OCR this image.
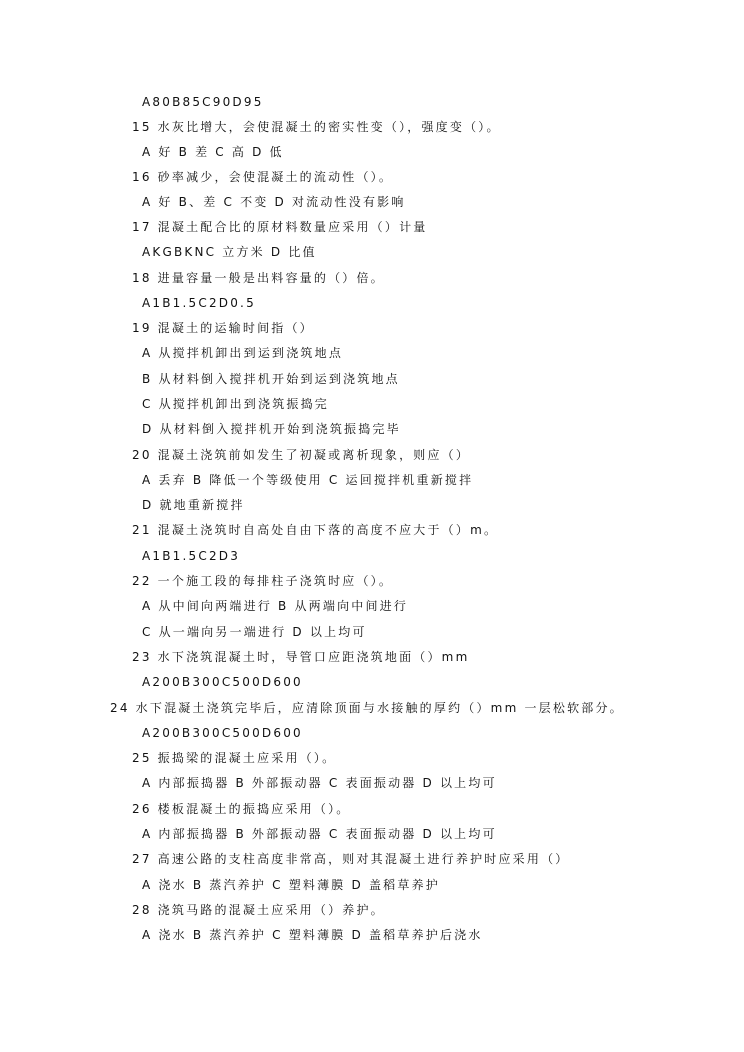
A80B85C90D95
15 水灰比增大，会使混凝土的密实性变（），强度变（）。
A 好 B 差 C 高 D 低
16 砂率减少，会使混凝土的流动性（）。
A 好 B、差 C 不变 D 对流动性没有影响
17 混凝土配合比的原材料数量应采用（）计量
AKGBKNC 立方米 D 比值
18 进量容量一般是出料容量的（）倍。
A1B1.5C2D0.5
19 混凝土的运输时间指（）
A 从搅拌机卸出到运到浇筑地点
B 从材料倒入搅拌机开始到运到浇筑地点
C 从搅拌机卸出到浇筑振捣完
D 从材料倒入搅拌机开始到浇筑振捣完毕
20 混凝土浇筑前如发生了初凝或离析现象，则应（）
A 丢弃 B 降低一个等级使用 C 运回搅拌机重新搅拌
D 就地重新搅拌
21 混凝土浇筑时自高处自由下落的高度不应大于（）m。
A1B1.5C2D3
22 一个施工段的每排柱子浇筑时应（）。
A 从中间向两端进行 B 从两端向中间进行
C 从一端向另一端进行 D 以上均可
23 水下浇筑混凝土时，导管口应距浇筑地面（）mm
A200B300C500D600
24 水下混凝土浇筑完毕后，应清除顶面与水接触的厚约（）mm 一层松软部分。
A200B300C500D600
25 振捣梁的混凝土应采用（）。
A 内部振捣器 B 外部振动器 C 表面振动器 D 以上均可
26 楼板混凝土的振捣应采用（）。
A 内部振捣器 B 外部振动器 C 表面振动器 D 以上均可
27 高速公路的支柱高度非常高，则对其混凝土进行养护时应采用（）
A 浇水 B 蒸汽养护 C 塑料薄膜 D 盖稻草养护
28 浇筑马路的混凝土应采用（）养护。
A 浇水 B 蒸汽养护 C 塑料薄膜 D 盖稻草养护后浇水
